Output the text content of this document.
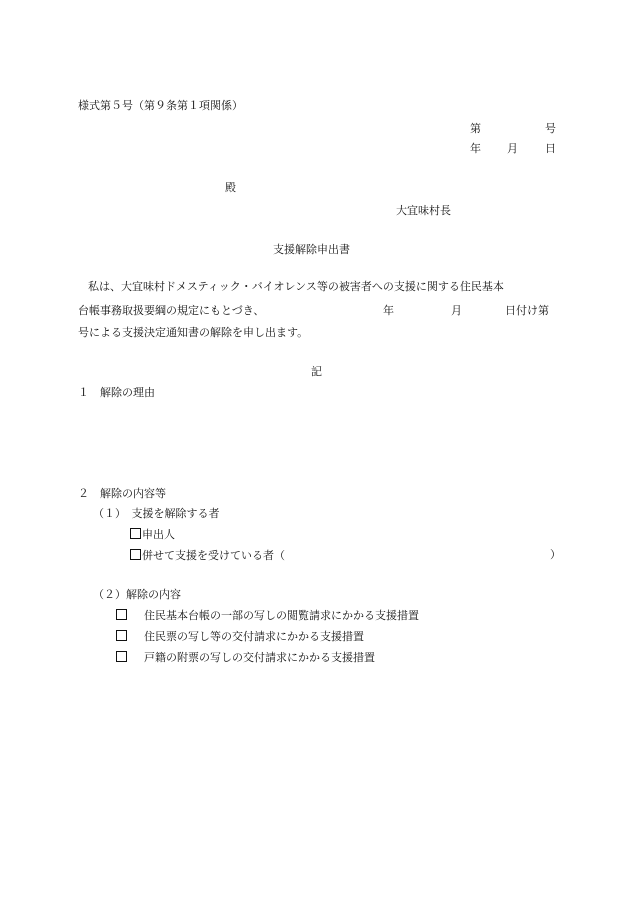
様式第５号（第９条第１項関係）
第	号
年 月 日
殿
大宜味村長
支援解除申出書
私は、大宜味村ドメスティック・バイオレンス等の被害者への支援に関する住民基本
台帳事務取扱要綱の規定にもとづき、	年	月	日付け第
号による支援決定通知書の解除を申し出ます。
記
１　解除の理由
２　解除の内容等
（１）　支援を解除する者
申出人
併せて支援を受けている者（	）
（２）解除の内容
住民基本台帳の一部の写しの閲覧請求にかかる支援措置
住民票の写し等の交付請求にかかる支援措置
戸籍の附票の写しの交付請求にかかる支援措置
